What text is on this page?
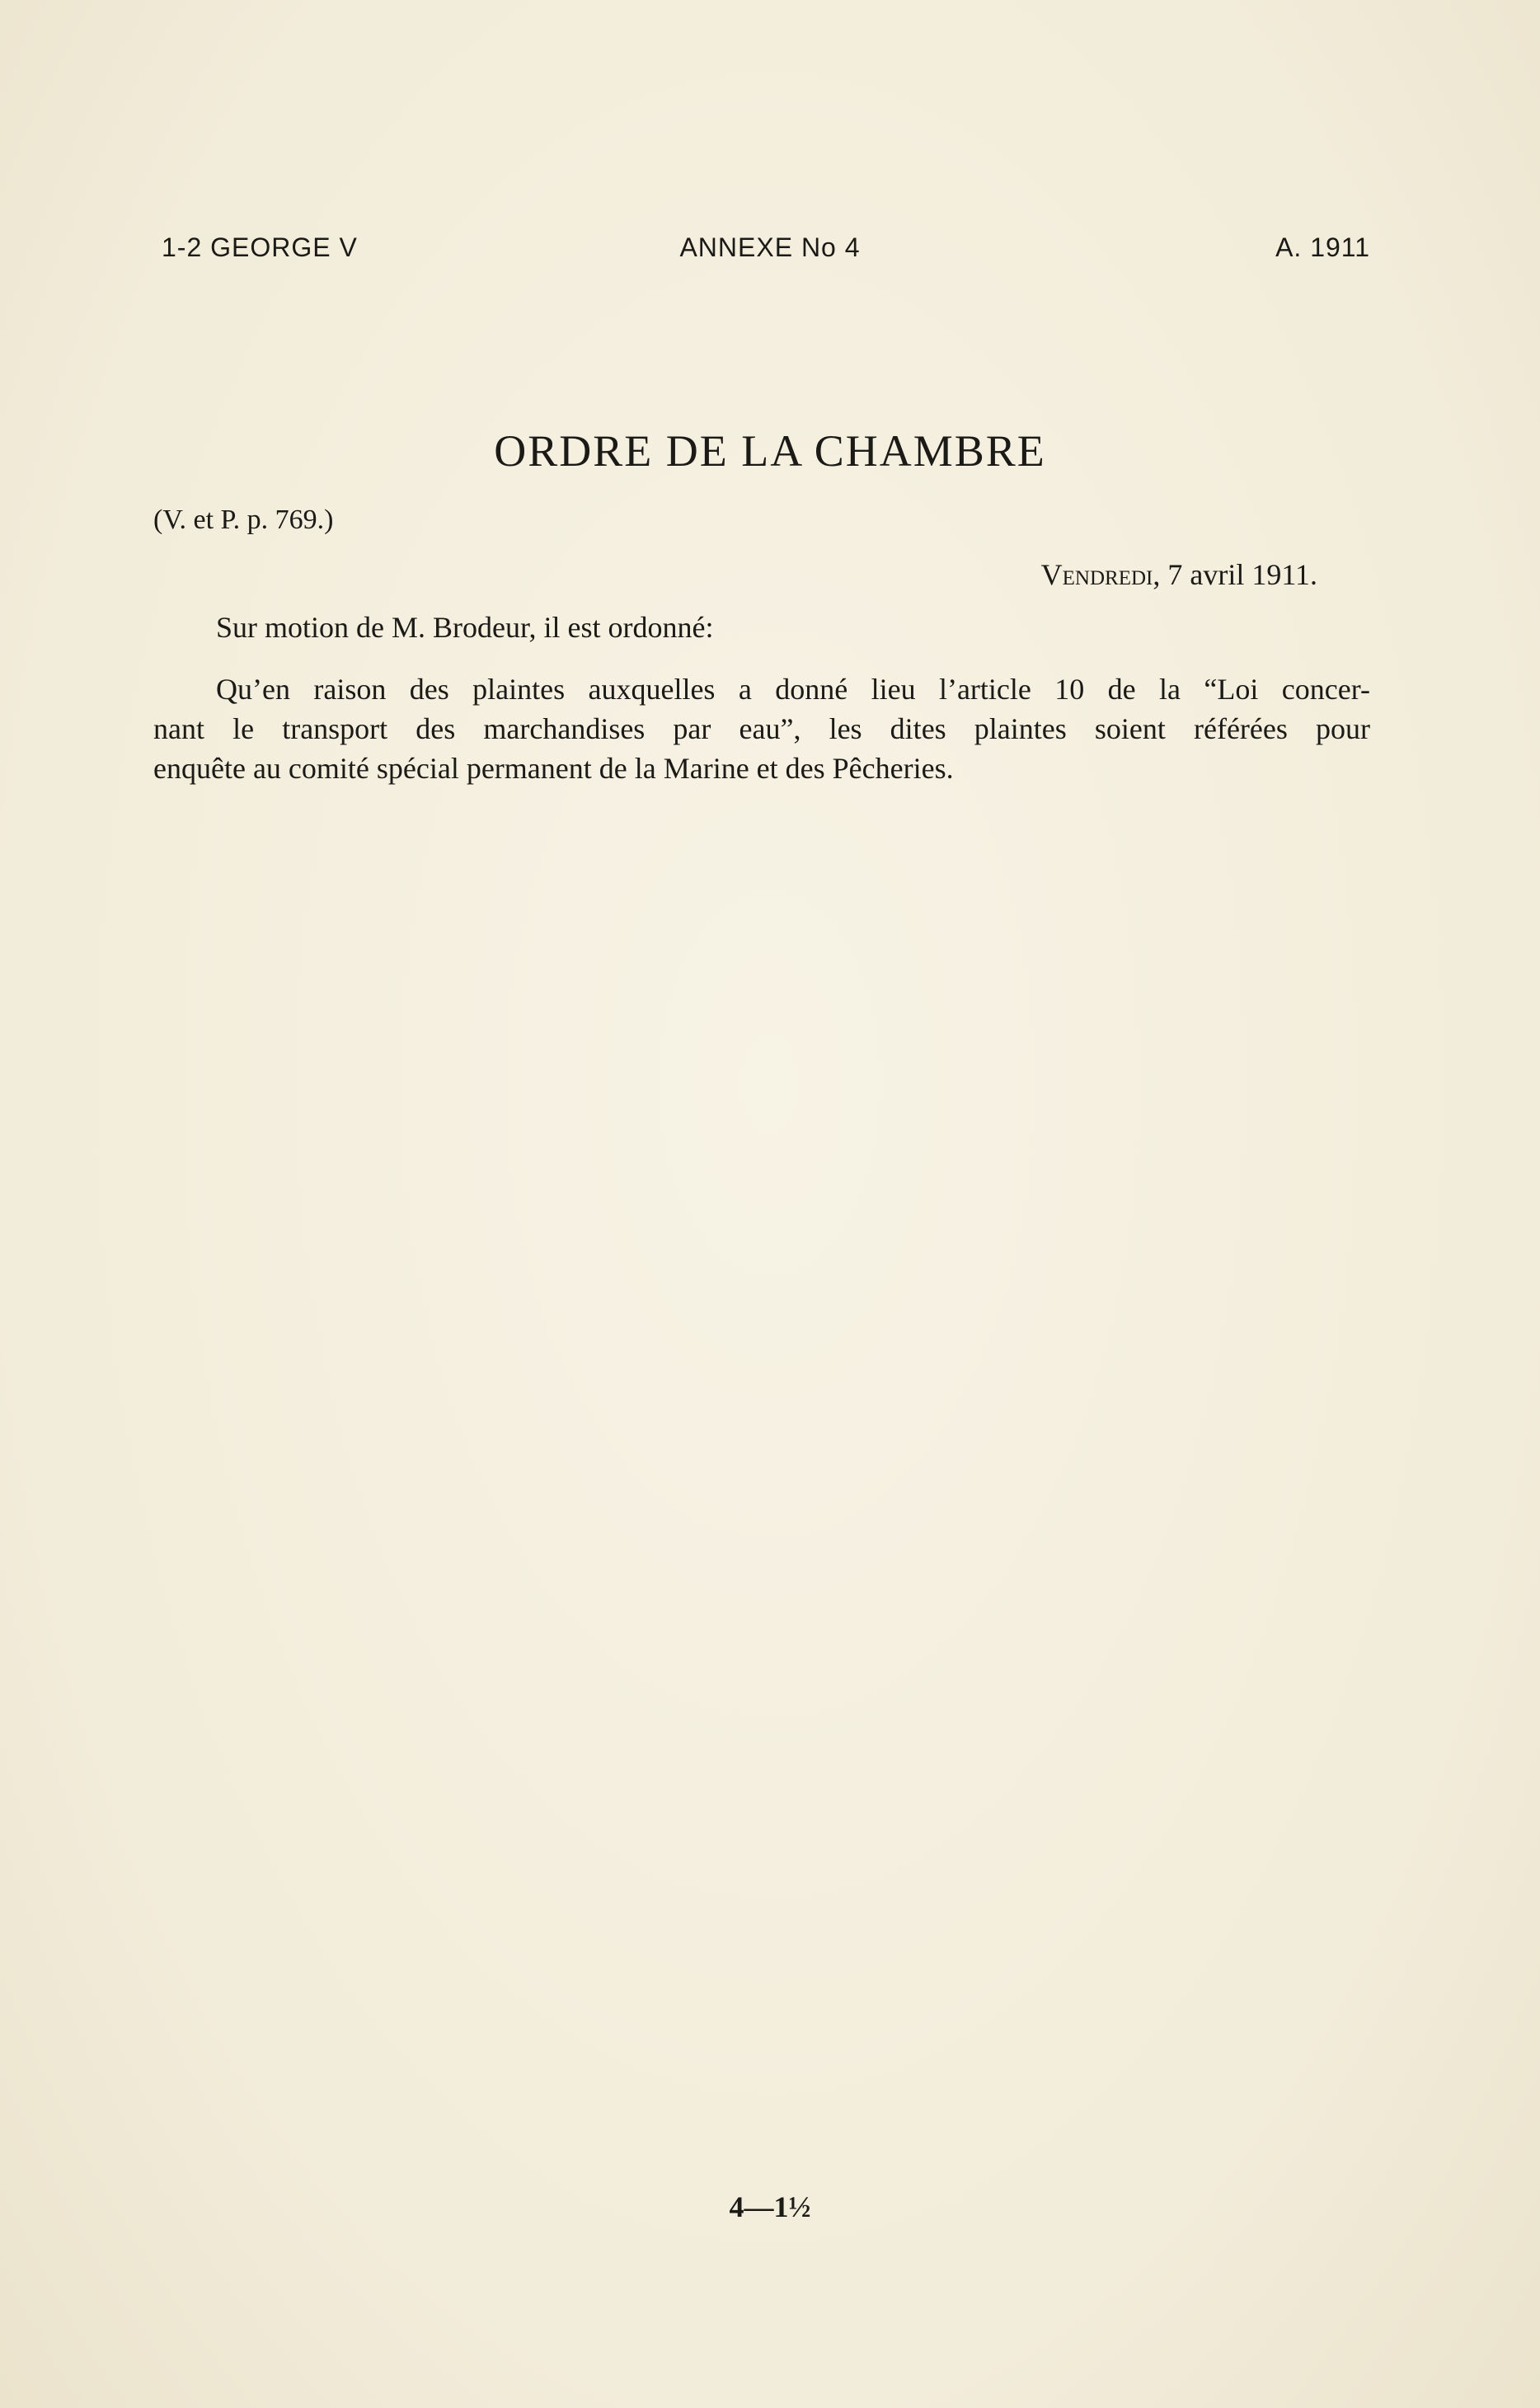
1-2 GEORGE V	ANNEXE No 4	A. 1911
ORDRE DE LA CHAMBRE
(V. et P. p. 769.)
Vendredi, 7 avril 1911.
Sur motion de M. Brodeur, il est ordonné:
Qu’en raison des plaintes auxquelles a donné lieu l’article 10 de la “Loi concer-
nant le transport des marchandises par eau”, les dites plaintes soient référées pour
enquête au comité spécial permanent de la Marine et des Pêcheries.
4—1½
